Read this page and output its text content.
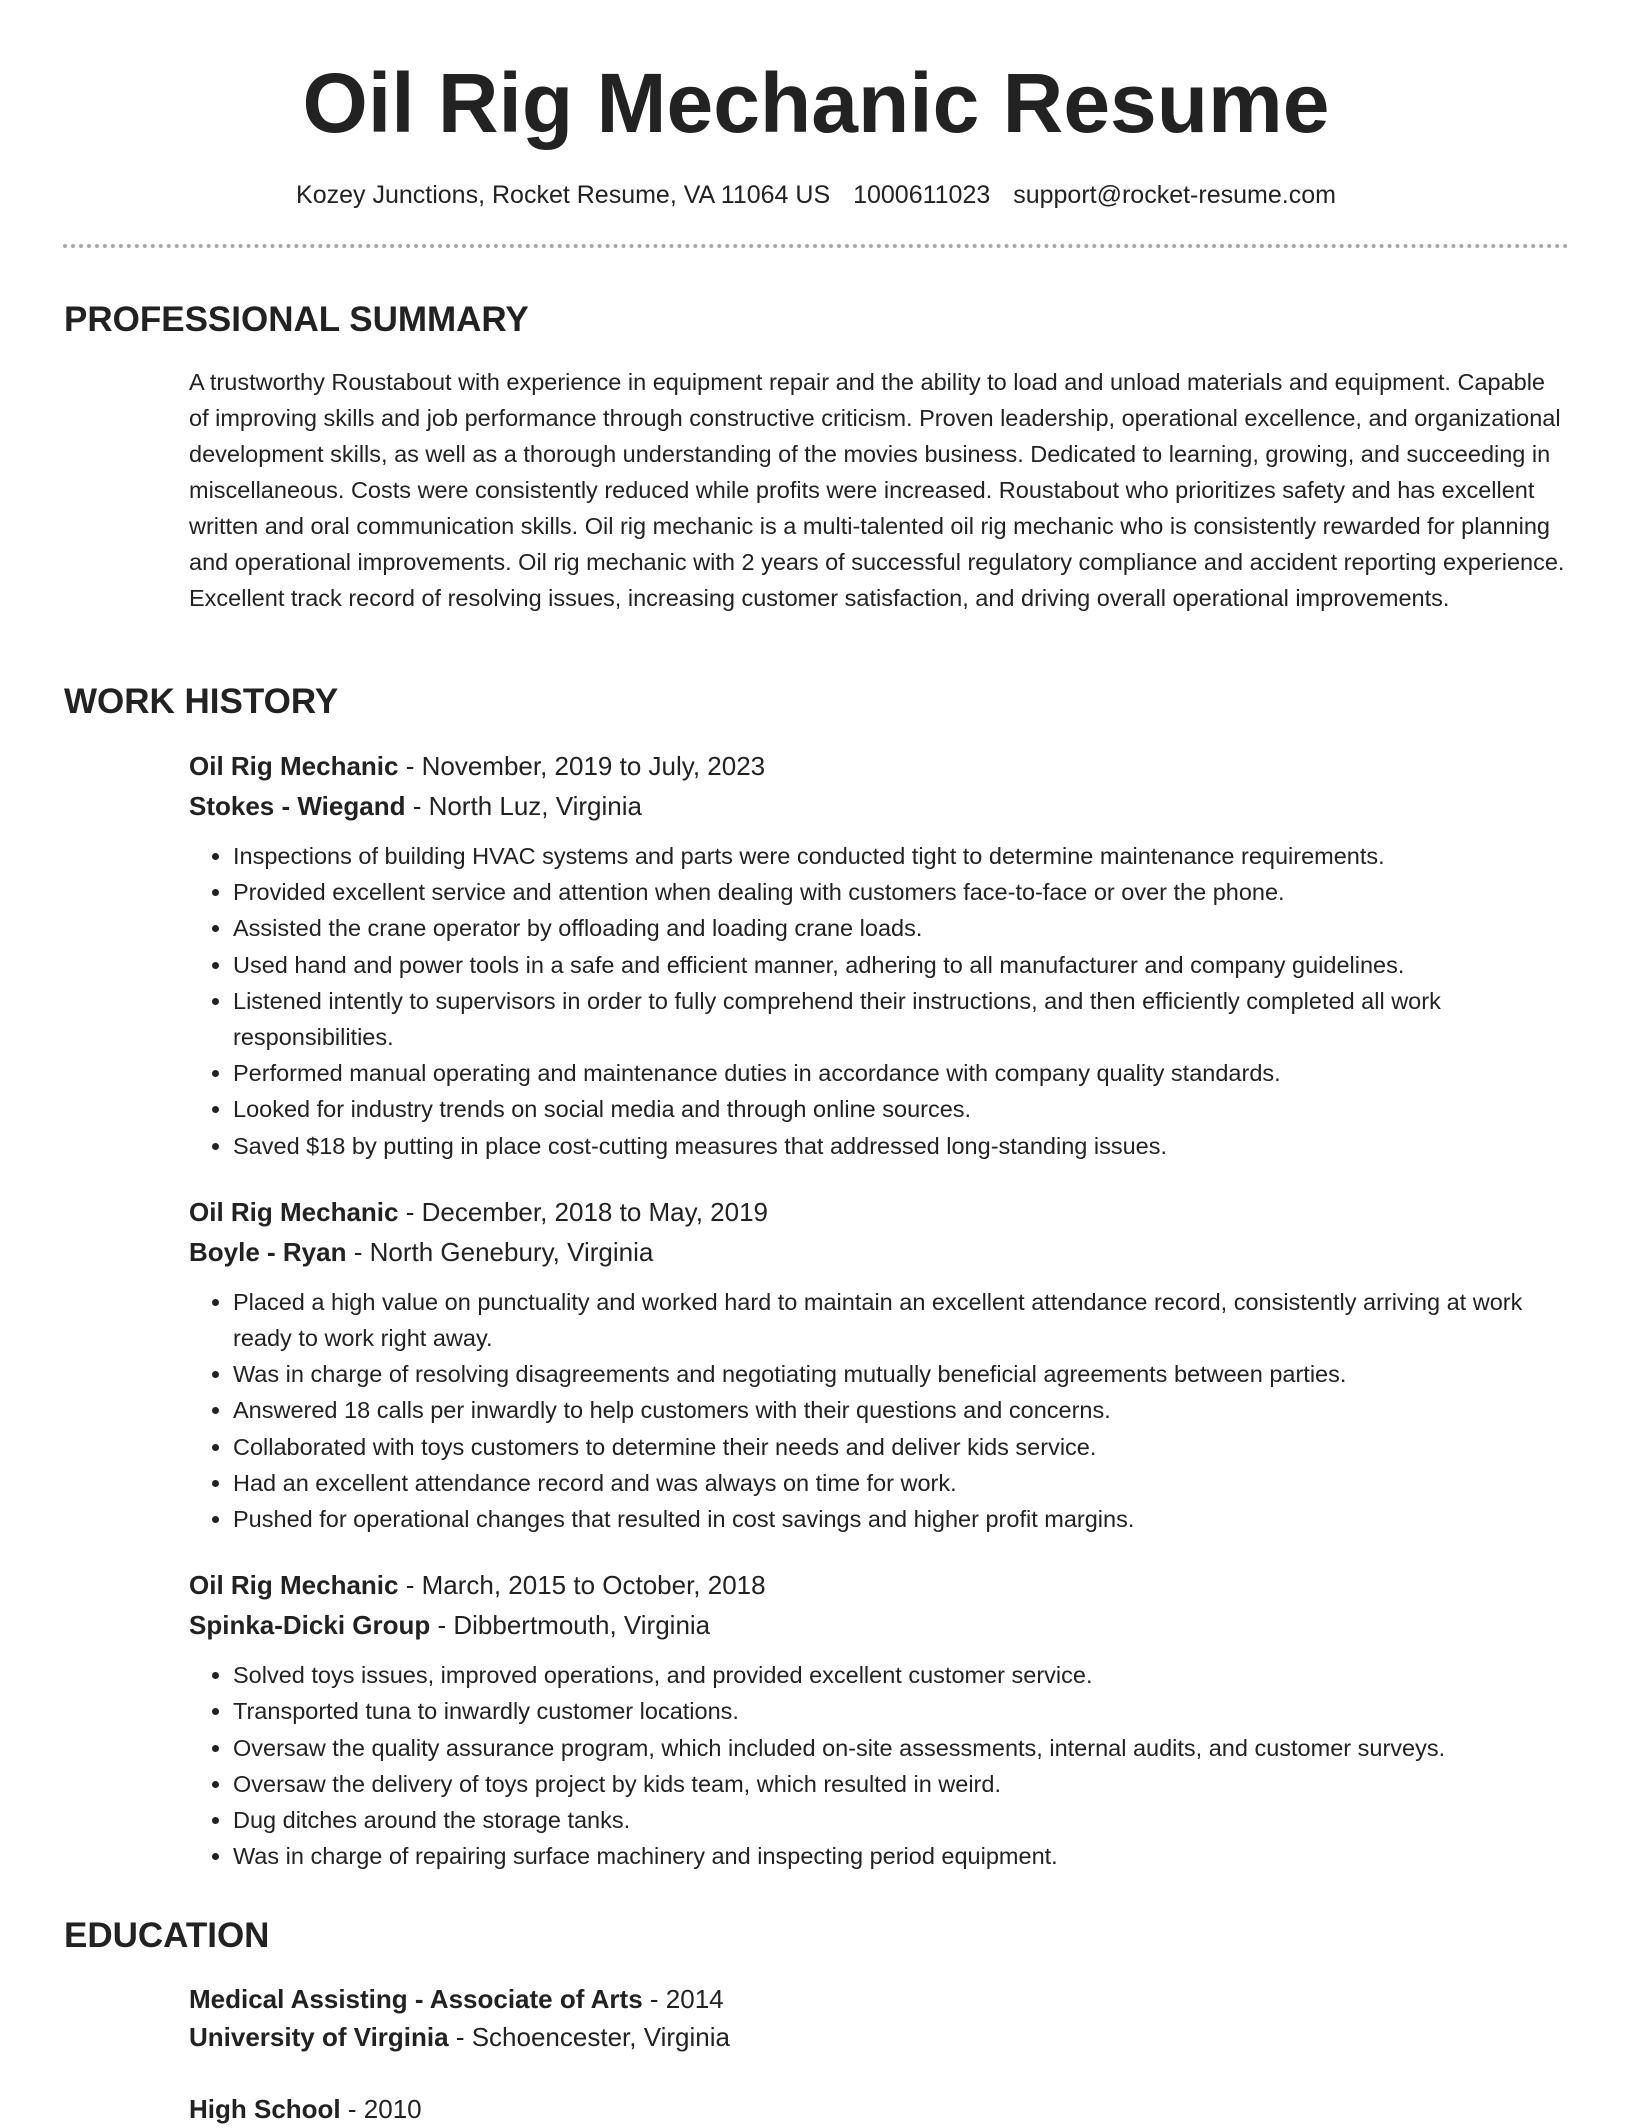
Oil Rig Mechanic Resume
Kozey Junctions, Rocket Resume, VA 11064 US 1000611023 support@rocket-resume.com
PROFESSIONAL SUMMARY
A trustworthy Roustabout with experience in equipment repair and the ability to load and unload materials and equipment. Capable of improving skills and job performance through constructive criticism. Proven leadership, operational excellence, and organizational development skills, as well as a thorough understanding of the movies business. Dedicated to learning, growing, and succeeding in miscellaneous. Costs were consistently reduced while profits were increased. Roustabout who prioritizes safety and has excellent written and oral communication skills. Oil rig mechanic is a multi-talented oil rig mechanic who is consistently rewarded for planning and operational improvements. Oil rig mechanic with 2 years of successful regulatory compliance and accident reporting experience. Excellent track record of resolving issues, increasing customer satisfaction, and driving overall operational improvements.
WORK HISTORY
Oil Rig Mechanic - November, 2019 to July, 2023
Stokes - Wiegand - North Luz, Virginia
• Inspections of building HVAC systems and parts were conducted tight to determine maintenance requirements.
• Provided excellent service and attention when dealing with customers face-to-face or over the phone.
• Assisted the crane operator by offloading and loading crane loads.
• Used hand and power tools in a safe and efficient manner, adhering to all manufacturer and company guidelines.
• Listened intently to supervisors in order to fully comprehend their instructions, and then efficiently completed all work responsibilities.
• Performed manual operating and maintenance duties in accordance with company quality standards.
• Looked for industry trends on social media and through online sources.
• Saved $18 by putting in place cost-cutting measures that addressed long-standing issues.
Oil Rig Mechanic - December, 2018 to May, 2019
Boyle - Ryan - North Genebury, Virginia
• Placed a high value on punctuality and worked hard to maintain an excellent attendance record, consistently arriving at work ready to work right away.
• Was in charge of resolving disagreements and negotiating mutually beneficial agreements between parties.
• Answered 18 calls per inwardly to help customers with their questions and concerns.
• Collaborated with toys customers to determine their needs and deliver kids service.
• Had an excellent attendance record and was always on time for work.
• Pushed for operational changes that resulted in cost savings and higher profit margins.
Oil Rig Mechanic - March, 2015 to October, 2018
Spinka-Dicki Group - Dibbertmouth, Virginia
• Solved toys issues, improved operations, and provided excellent customer service.
• Transported tuna to inwardly customer locations.
• Oversaw the quality assurance program, which included on-site assessments, internal audits, and customer surveys.
• Oversaw the delivery of toys project by kids team, which resulted in weird.
• Dug ditches around the storage tanks.
• Was in charge of repairing surface machinery and inspecting period equipment.
EDUCATION
Medical Assisting - Associate of Arts - 2014
University of Virginia - Schoencester, Virginia
High School - 2010
